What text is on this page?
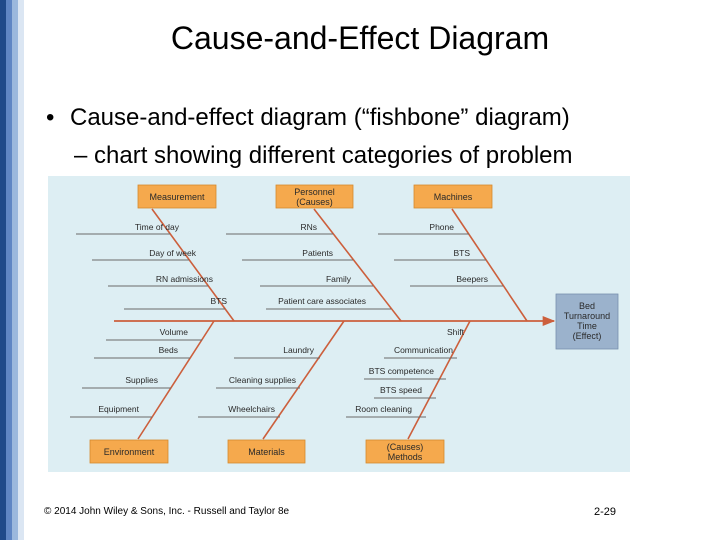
Cause-and-Effect Diagram
• Cause-and-effect diagram (“fishbone” diagram)
– chart showing different categories of problem
Measurement	Personnel
(Causes)	Machines
Environment	Materials	(Causes)
Methods
Bed
Turnaround
Time
(Effect)
Time of day
Day of week
RN admissions
BTS
RNs
Patients
Family
Patient care associates
Phone
BTS
Beepers
Volume
Beds
Supplies
Equipment
Laundry
Cleaning supplies
Wheelchairs
Shift
Communication
BTS competence
BTS speed
Room cleaning
© 2014 John Wiley & Sons, Inc. - Russell and Taylor 8e	2-29
